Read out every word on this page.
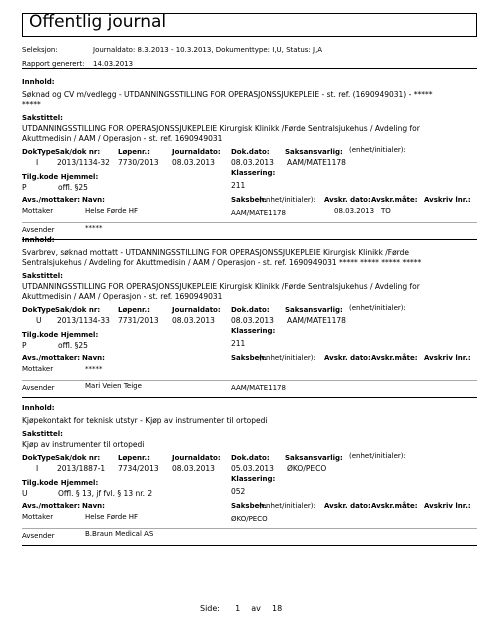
Offentlig journal
Seleksjon:	Journaldato: 8.3.2013 - 10.3.2013, Dokumenttype: I,U, Status: J,A
Rapport generert: 14.03.2013
Innhold:
Søknad og CV m/vedlegg - UTDANNINGSSTILLING FOR OPERASJONSSJUKEPLEIE - st. ref. (1690949031) - *****
*****
Sakstittel:
UTDANNINGSSTILLING FOR OPERASJONSSJUKEPLEIE Kirurgisk Klinikk /Førde Sentralsjukehus / Avdeling for
Akuttmedisin / AAM / Operasjon - st. ref. 1690949031
DokType Sak/dok nr:	Løpenr.:	Journaldato: Dok.dato: Saksansvarlig: (enhet/initialer):
I	2013/1134-32 7730/2013 08.03.2013 08.03.2013 AAM/MATE1178
Tilg.kode Hjemmel:	Klassering:
P	offl. §25	211
Avs./mottaker: Navn:	Saksbeh.
(enhet/initialer): Avskr. dato: Avskr.måte: Avskriv lnr.:
Mottaker	Helse Førde HF	AAM/MATE1178	08.03.2013 TO
Avsender	*****
Innhold:
Svarbrev, søknad mottatt - UTDANNINGSSTILLING FOR OPERASJONSSJUKEPLEIE Kirurgisk Klinikk /Førde
Sentralsjukehus / Avdeling for Akuttmedisin / AAM / Operasjon - st. ref. 1690949031 ***** ***** ***** *****
Sakstittel:
UTDANNINGSSTILLING FOR OPERASJONSSJUKEPLEIE Kirurgisk Klinikk /Førde Sentralsjukehus / Avdeling for
Akuttmedisin / AAM / Operasjon - st. ref. 1690949031
DokType Sak/dok nr:	Løpenr.:	Journaldato: Dok.dato: Saksansvarlig: (enhet/initialer):
U 2013/1134-33 7731/2013 08.03.2013 08.03.2013 AAM/MATE1178
Tilg.kode Hjemmel:	Klassering:
P	offl. §25	211
Avs./mottaker: Navn:	Saksbeh.
(enhet/initialer): Avskr. dato: Avskr.måte: Avskriv lnr.:
Mottaker	*****
Avsender	Mari Veien Teige	AAM/MATE1178
Innhold:
Kjøpekontakt for teknisk utstyr - Kjøp av instrumenter til ortopedi
Sakstittel:
Kjøp av instrumenter til ortopedi
DokType Sak/dok nr:	Løpenr.:	Journaldato: Dok.dato: Saksansvarlig: (enhet/initialer):
I	2013/1887-1 7734/2013 08.03.2013 05.03.2013 ØKO/PECO
Tilg.kode Hjemmel:	Klassering:
U	Offl. § 13, jf fvl. § 13 nr. 2	052
Avs./mottaker: Navn:	Saksbeh.
(enhet/initialer): Avskr. dato: Avskr.måte: Avskriv lnr.:
Mottaker	Helse Førde HF	ØKO/PECO
Avsender	B.Braun Medical AS
Side: 1 av 18
